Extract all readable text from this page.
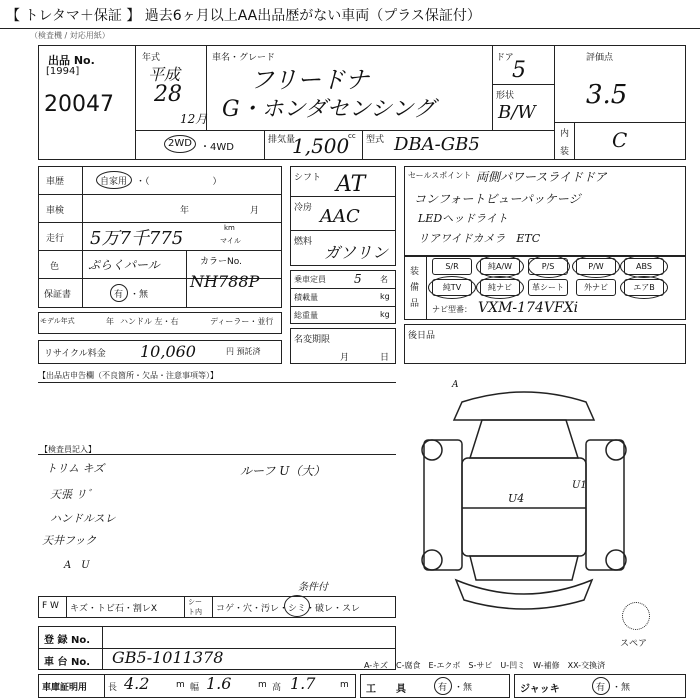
【 トレタマ＋保証 】 過去6ヶ月以上AA出品歴がない車両（プラス保証付）
（検査機 / 対応用紙）
出品 No.
[1994]
20047
年式
平成
28
12月
車名・グレード
フリードナ
G・ホンダセンシング
ドア
5
形状
B/W
評価点
3.5
内
装 C
2WD ・4WD
排気量
1,500
cc 型式 DBA-GB5
車歴	自家用 ・（　　　　　　　）
車検	年	月
走行 5万7千775	km
マイル
色 ぷらくパール	カラーNo.
NH788P
保証書	有 ・無
モデル年式	年 ハンドル 左・右	ディーラー・並行
リサイクル料金 10,060	円 預託済
シフト AT
冷房 AAC
燃料
ガソリン
乗車定員 5 名
積載量	kg
総重量	kg
名変期限
月	日
セールスポイント 両側パワースライドドア
コンフォートビューパッケージ
LEDヘッドライト
リアワイドカメラ　ETC
装
備
品
S/R	純A/W	P/S	P/W	ABS
純TV	純ナビ	革シート	外ナビ	エアB
ナビ型番： VXM-174VFXi
後日品
【出品店申告欄（不良箇所・欠品・注意事項等）】
【検査員記入】
トリム キズ
天張 リ゛
ハンドルスレ
天井フック
A　U
ルーフ U（大）
U4
U1
A
スペア
F W キズ・トビ石・割レX
シー
ト内 コゲ・穴・汚レ・シミ・破レ・スレ
条件付
登 録 No.
車 台 No. GB5-1011378	A-キズ　C-腐食　E-エクボ　S-サビ　U-凹ミ　W-補修　XX-交換済
車庫証明用 長 4.2	m 幅 1.6	m 高 1.7	m 工　　具	有 ・無	ジャッキ	有 ・無
